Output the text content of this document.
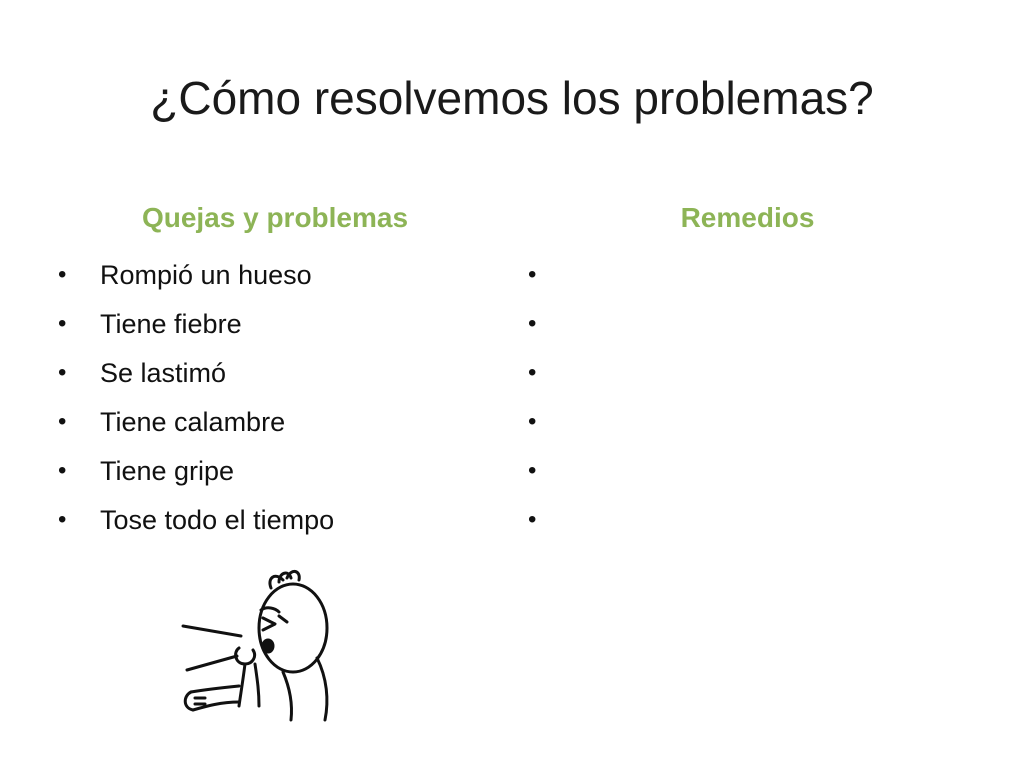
¿Cómo resolvemos los problemas?
Quejas y problemas	Remedios
•	Rompió un hueso
•	Tiene fiebre
•	Se lastimó
•	Tiene calambre
•	Tiene gripe
•	Tose todo el tiempo
•
•
•
•
•
•
